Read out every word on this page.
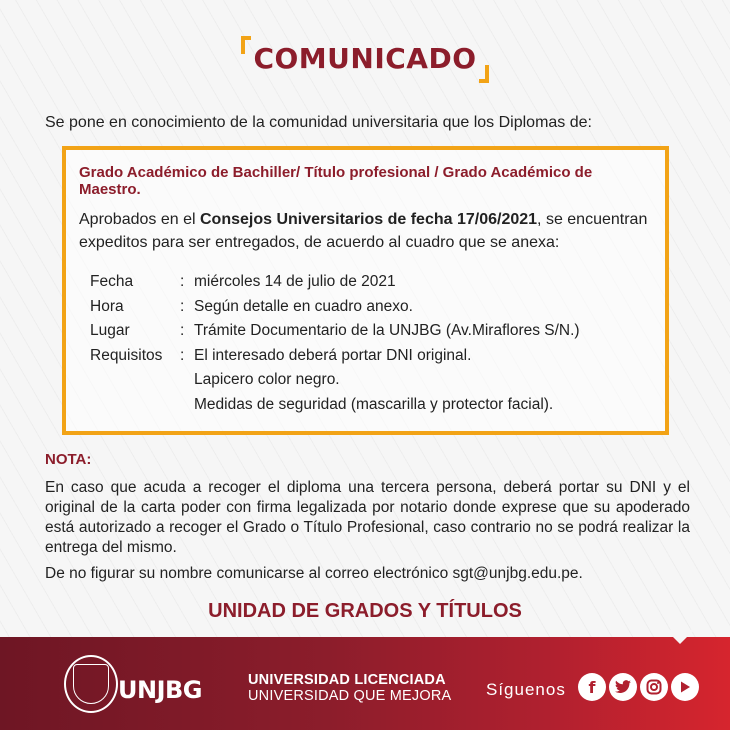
COMUNICADO
Se pone en conocimiento de la comunidad universitaria que los Diplomas de:
Grado Académico de Bachiller/ Título profesional / Grado Académico de Maestro.
Aprobados en el Consejos Universitarios de fecha 17/06/2021, se encuentran expeditos para ser entregados, de acuerdo al cuadro que se anexa:
Fecha	: miércoles 14 de julio de 2021
Hora	: Según detalle en cuadro anexo.
Lugar	: Trámite Documentario de la UNJBG (Av.Miraflores S/N.)
Requisitos	: El interesado deberá portar DNI original.
Lapicero color negro.
Medidas de seguridad (mascarilla y protector facial).
NOTA:
En caso que acuda a recoger el diploma una tercera persona, deberá portar su DNI y el original de la carta poder con firma legalizada por notario donde exprese que su apoderado está autorizado a recoger el Grado o Título Profesional, caso contrario no se podrá realizar la entrega del mismo.
De no figurar su nombre comunicarse al correo electrónico sgt@unjbg.edu.pe.
UNIDAD DE GRADOS Y TÍTULOS
UNJBG	UNIVERSIDAD LICENCIADA
UNIVERSIDAD QUE MEJORA Síguenos	f
